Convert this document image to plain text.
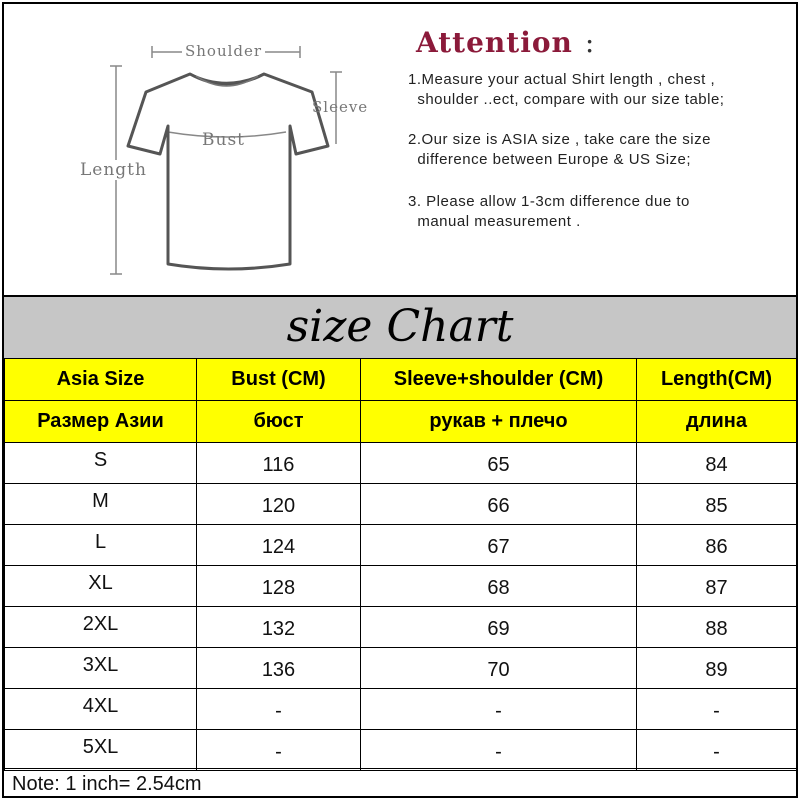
Shoulder
Sleeve
Bust
Length
Attention :
1.Measure your actual Shirt length , chest ,
shoulder ..ect, compare with our size table;
2.Our size is ASIA size , take care the size
difference between Europe & US Size;
3. Please allow 1-3cm difference due to
manual measurement .
size Chart
Asia Size	Bust (CM)	Sleeve+shoulder (CM)	Length(CM)
Размер Азии	бюст	рукав + плечо	длина
S	116	65	84
M	120	66	85
L	124	67	86
XL	128	68	87
2XL	132	69	88
3XL	136	70	89
4XL	-	-	-
5XL	-	-	-
Note: 1 inch= 2.54cm
